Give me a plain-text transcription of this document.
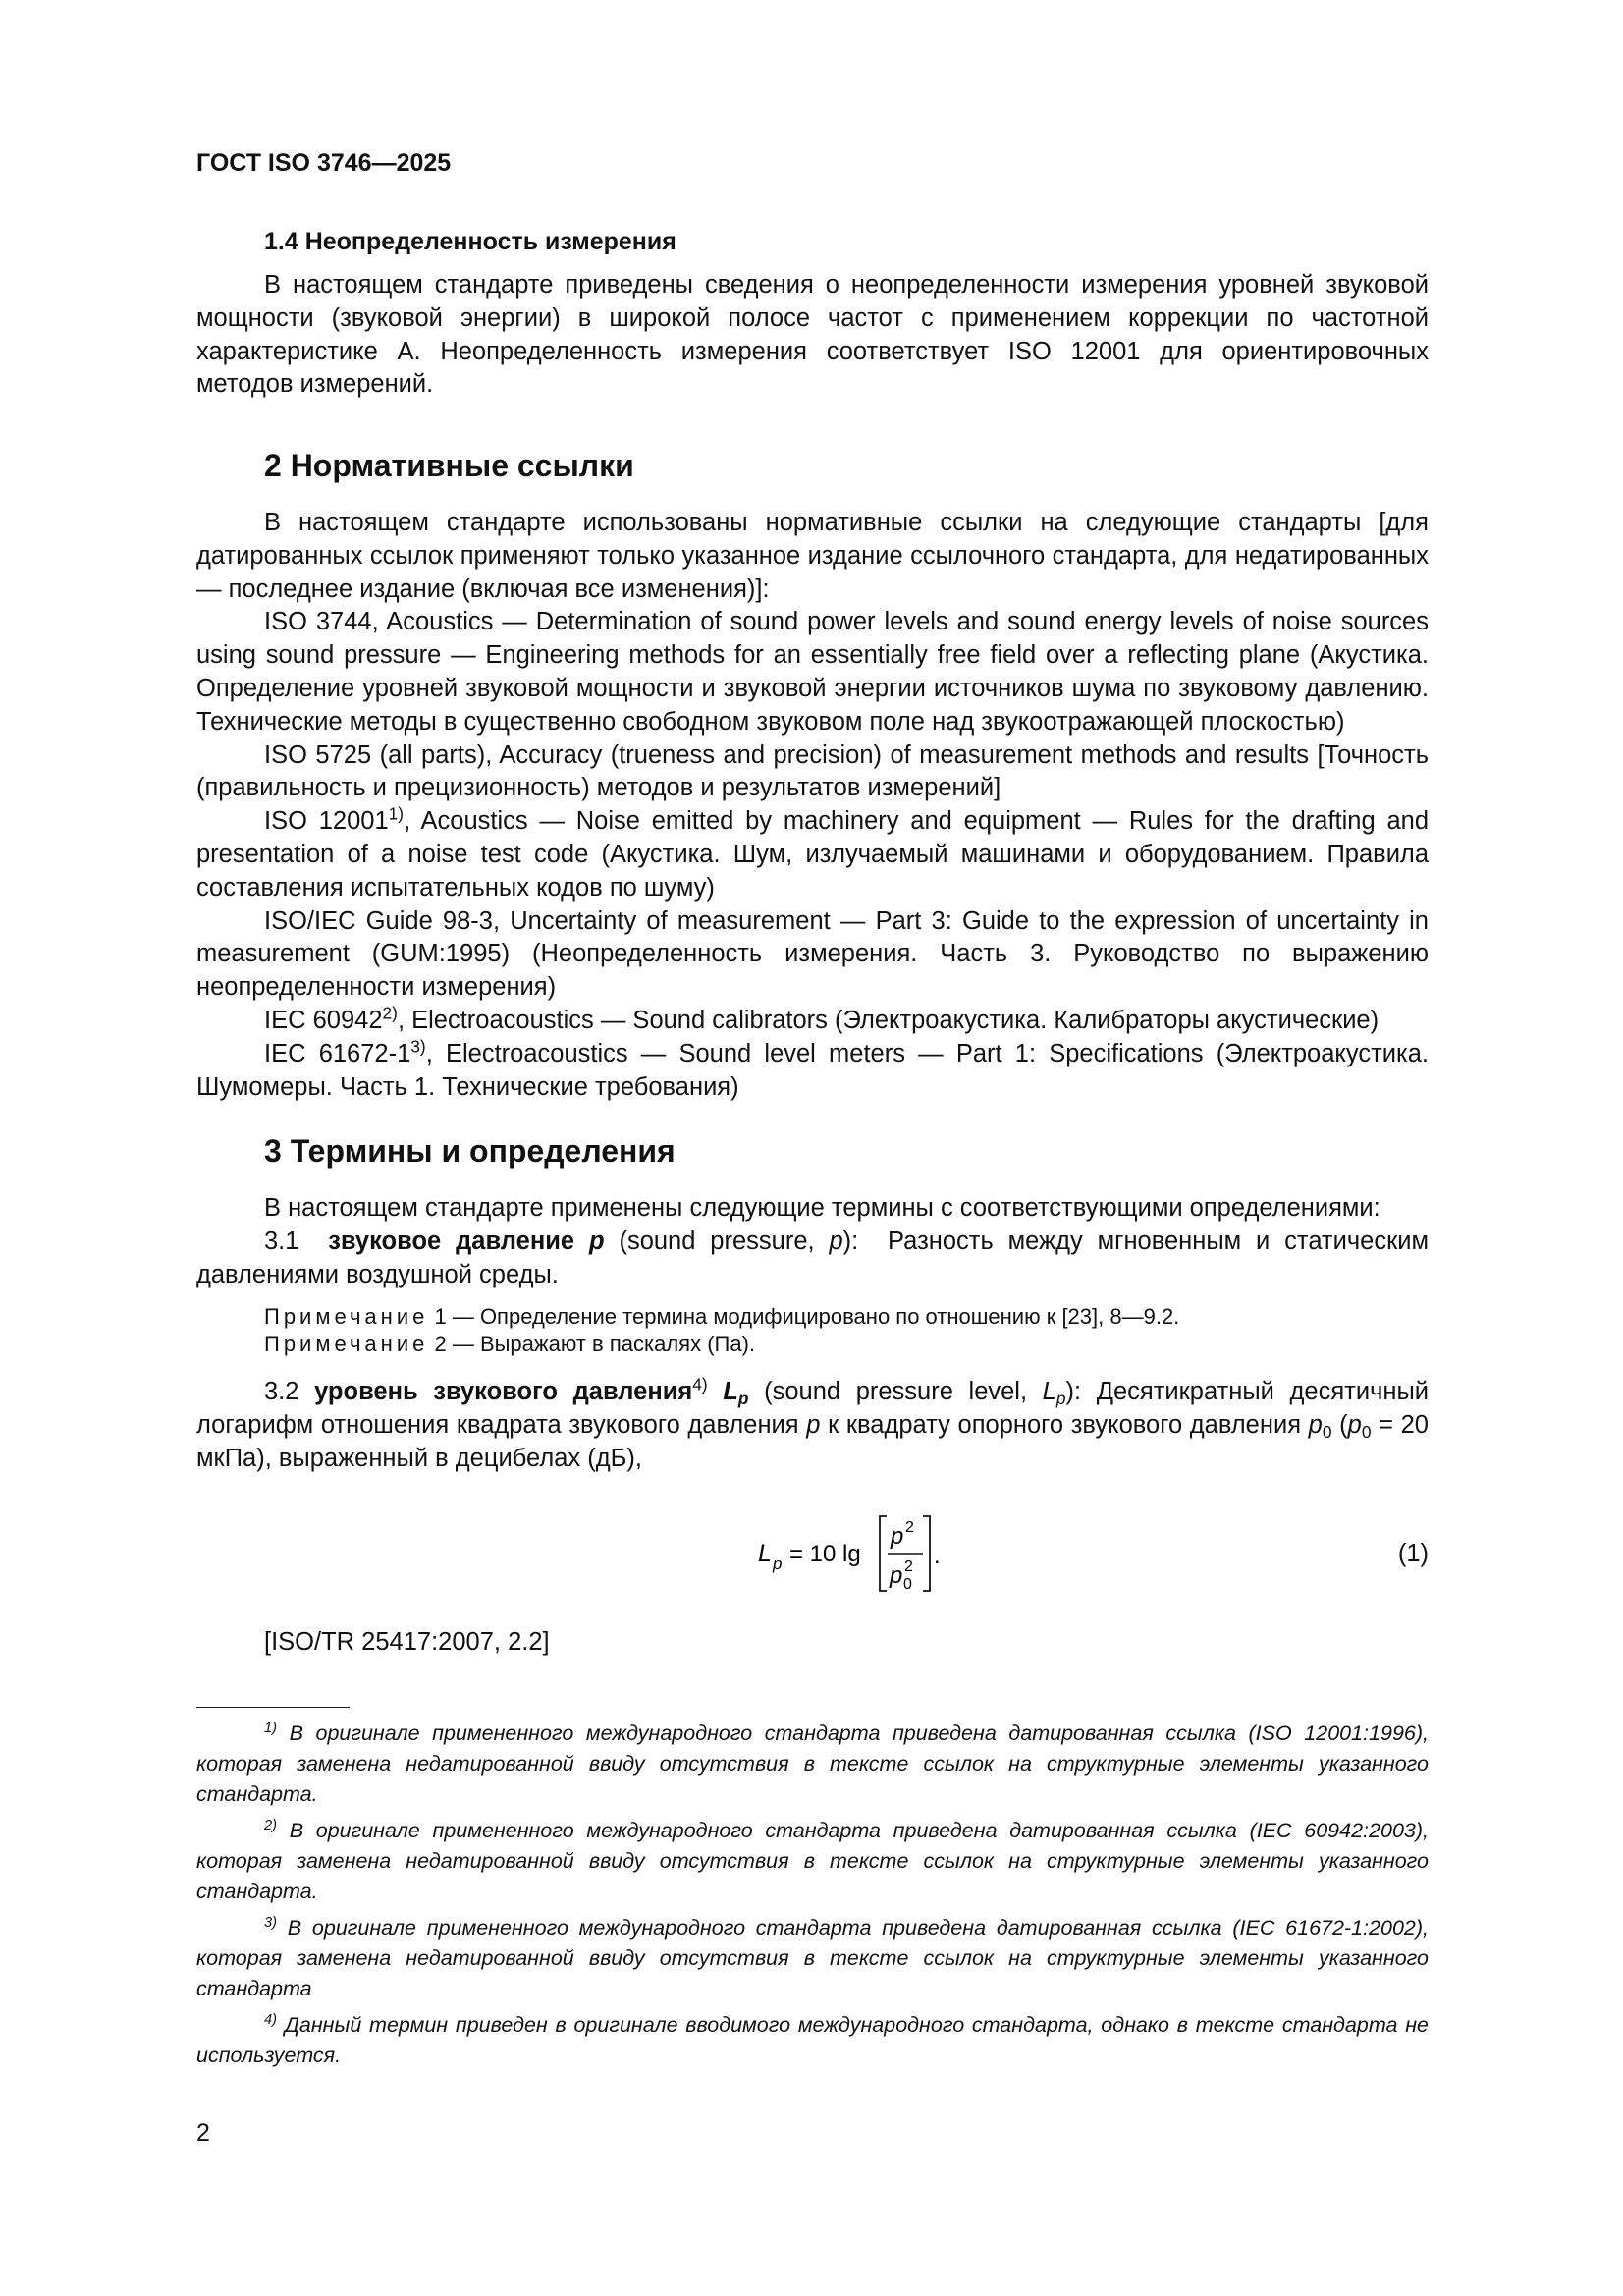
ГОСТ ISO 3746—2025
1.4 Неопределенность измерения

В настоящем стандарте приведены сведения о неопределенности измерения уровней звуковой мощности (звуковой энергии) в широкой полосе частот с применением коррекции по частотной характеристике А. Неопределенность измерения соответствует ISO 12001 для ориентировочных методов измерений.

2 Нормативные ссылки

В настоящем стандарте использованы нормативные ссылки на следующие стандарты [для датированных ссылок применяют только указанное издание ссылочного стандарта, для недатированных — последнее издание (включая все изменения)]:

ISO 3744, Acoustics — Determination of sound power levels and sound energy levels of noise sources using sound pressure — Engineering methods for an essentially free field over a reflecting plane (Акустика. Определение уровней звуковой мощности и звуковой энергии источников шума по звуковому давлению. Технические методы в существенно свободном звуковом поле над звукоотражающей плоскостью)

ISO 5725 (all parts), Accuracy (trueness and precision) of measurement methods and results [Точность (правильность и прецизионность) методов и результатов измерений]

ISO 12001$^{1)}$, Acoustics — Noise emitted by machinery and equipment — Rules for the drafting and presentation of a noise test code (Акустика. Шум, излучаемый машинами и оборудованием. Правила составления испытательных кодов по шуму)

ISO/IEC Guide 98-3, Uncertainty of measurement — Part 3: Guide to the expression of uncertainty in measurement (GUM:1995) (Неопределенность измерения. Часть 3. Руководство по выражению неопределенности измерения)

IEC 60942$^{2)}$, Electroacoustics — Sound calibrators (Электроакустика. Калибраторы акустические)

IEC 61672-1$^{3)}$, Electroacoustics — Sound level meters — Part 1: Specifications (Электроакустика. Шумомеры. Часть 1. Технические требования)

3 Термины и определения

В настоящем стандарте применены следующие термины с соответствующими определениями:

3.1 звуковое давление p (sound pressure, p): Разность между мгновенным и статическим давлениями воздушной среды.

Примечание 1 — Определение термина модифицировано по отношению к [23], 8—9.2.

Примечание 2 — Выражают в паскалях (Па).

3.2 уровень звукового давления$^{4)}$ $L_p$ (sound pressure level, $L_p$): Десятикратный десятичный логарифм отношения квадрата звукового давления p к квадрату опорного звукового давления $p_0$ ($p_0 = 20$ мкПа), выраженный в децибелах (дБ),

L p = 10 lg
p 2
p 0
2 .	(1)
[ISO/TR 25417:2007, 2.2]

$^{1)}$ В оригинале примененного международного стандарта приведена датированная ссылка (ISO 12001:1996), которая заменена недатированной ввиду отсутствия в тексте ссылок на структурные элементы указанного стандарта.

$^{2)}$ В оригинале примененного международного стандарта приведена датированная ссылка (IEC 60942:2003), которая заменена недатированной ввиду отсутствия в тексте ссылок на структурные элементы указанного стандарта.

$^{3)}$ В оригинале примененного международного стандарта приведена датированная ссылка (IEC 61672-1:2002), которая заменена недатированной ввиду отсутствия в тексте ссылок на структурные элементы указанного стандарта

$^{4)}$ Данный термин приведен в оригинале вводимого международного стандарта, однако в тексте стандарта не используется.

2
